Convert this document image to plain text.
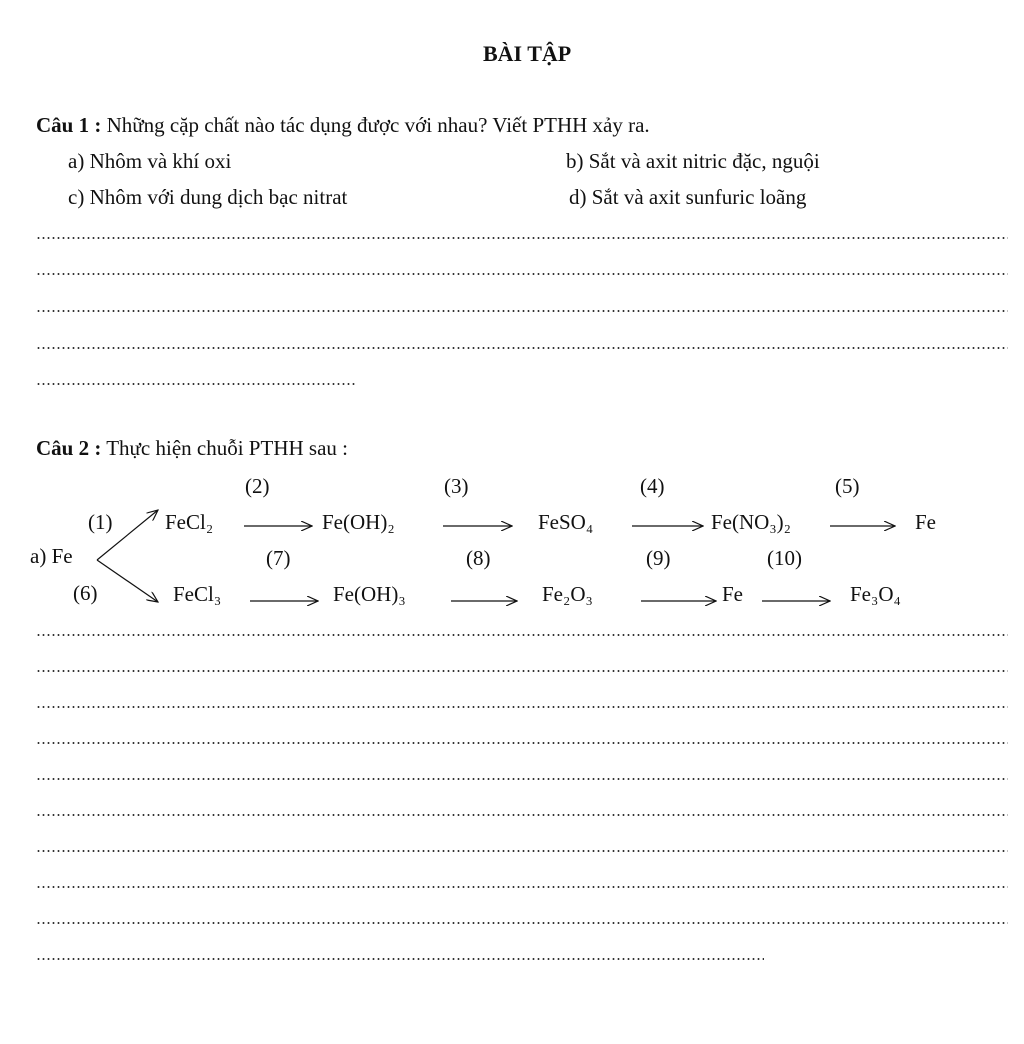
BÀI TẬP
Câu 1 : Những cặp chất nào tác dụng được với nhau? Viết PTHH xảy ra.
a) Nhôm và khí oxi	b) Sắt và axit nitric đặc, nguội
c) Nhôm với dung dịch bạc nitrat	d) Sắt và axit sunfuric loãng
Câu 2 : Thực hiện chuỗi PTHH sau :
a) Fe
(1)
(2)	(3)	(4)	(5)
(6)
(7)	(8)	(9)	(10)
FeCl₂	Fe(OH)₂	FeSO₄	Fe(NO₃)₂	Fe
FeCl₃	Fe(OH)₃	Fe₂O₃	Fe	Fe₃O₄
